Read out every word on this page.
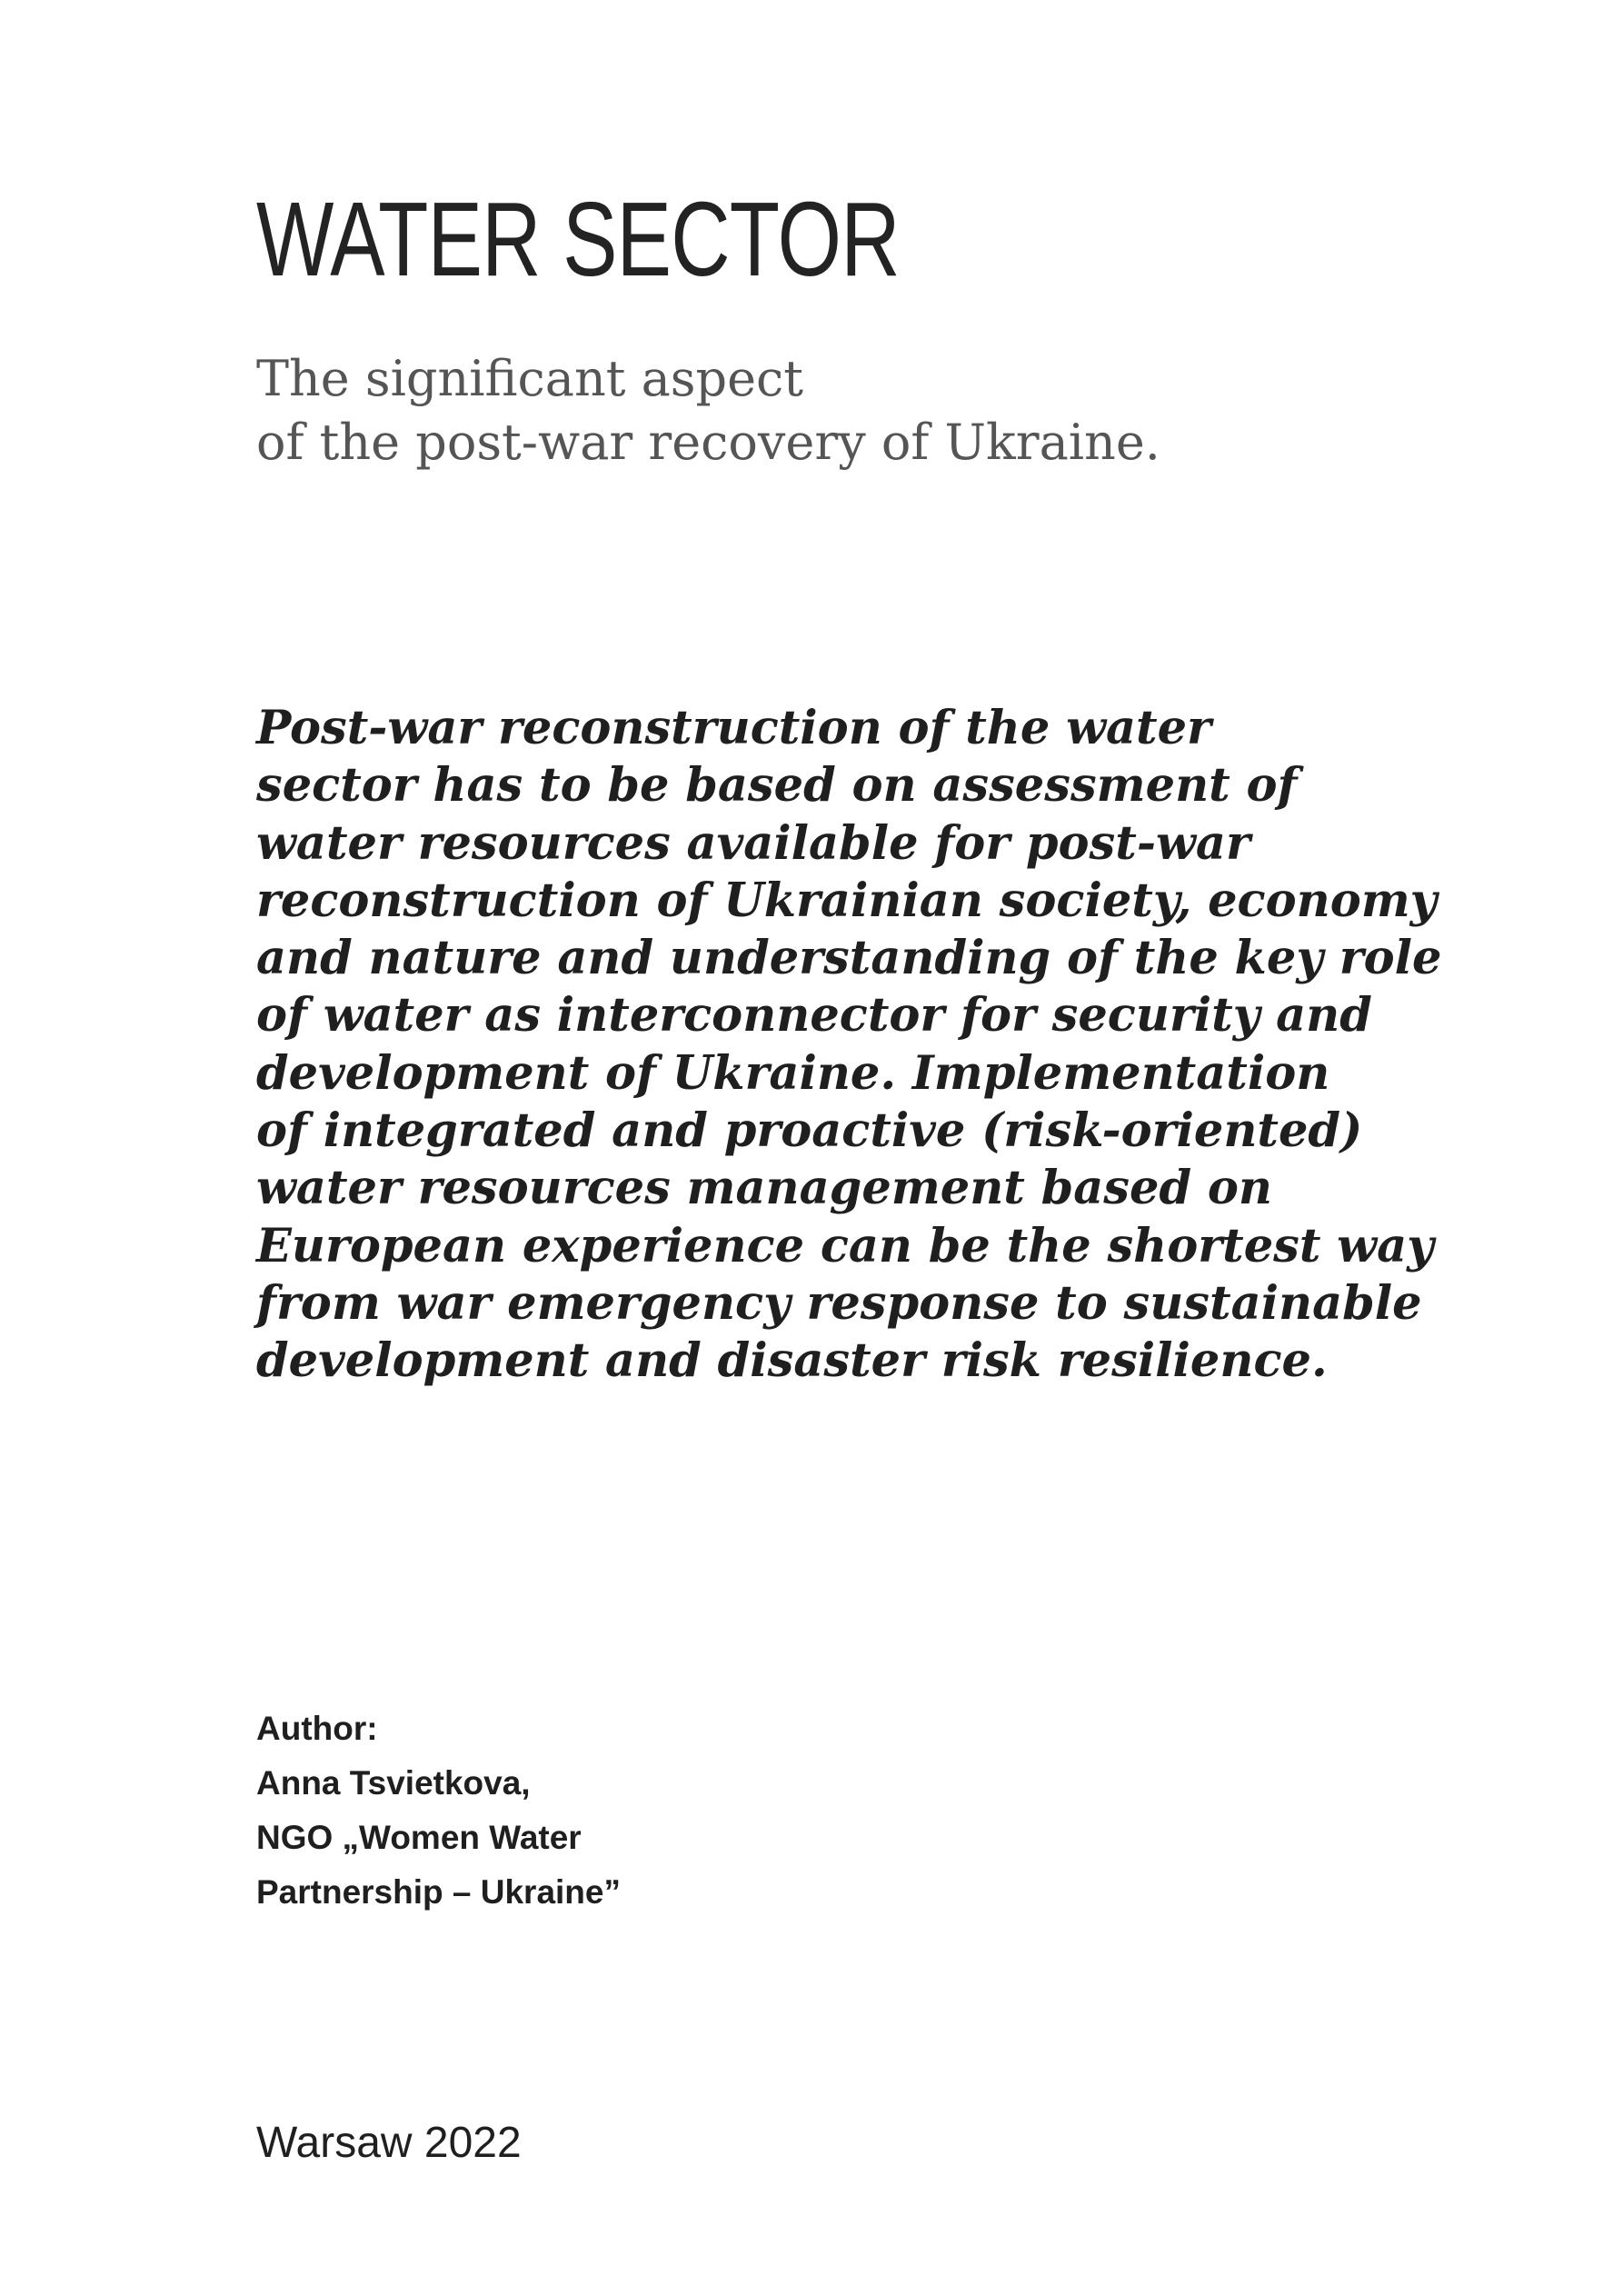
WATER SECTOR
The significant aspect
of the post-war recovery of Ukraine.

Post-war reconstruction of the water
sector has to be based on assessment of
water resources available for post-war
reconstruction of Ukrainian society, economy
and nature and understanding of the key role
of water as interconnector for security and
development of Ukraine. Implementation
of integrated and proactive (risk-oriented)
water resources management based on
European experience can be the shortest way
from war emergency response to sustainable
development and disaster risk resilience.

Author:
Anna Tsvietkova,
NGO „Women Water
Partnership – Ukraine”
Warsaw 2022
